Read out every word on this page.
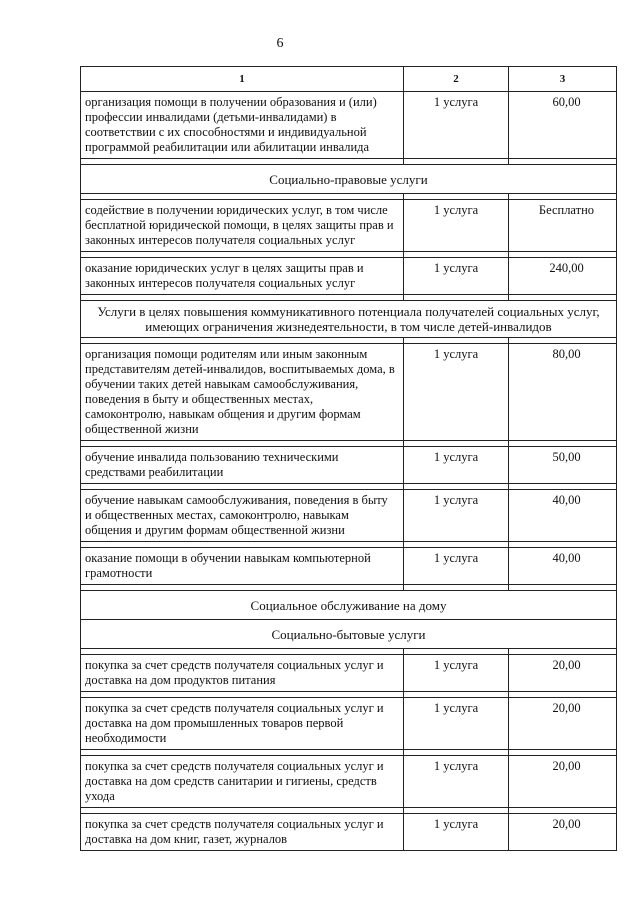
6
1	2	3

организация помощи в получении образования и (или) профессии инвалидами (детьми-инвалидами) в соответствии с их способностями и индивидуальной программой реабилитации или абилитации инвалида	1 услуга	60,00

Социально-правовые услуги		

содействие в получении юридических услуг, в том числе бесплатной юридической помощи, в целях защиты прав и законных интересов получателя социальных услуг	1 услуга	Бесплатно

оказание юридических услуг в целях защиты прав и законных интересов получателя социальных услуг	1 услуга	240,00

Услуги в целях повышения коммуникативного потенциала получателей социальных услуг, имеющих ограничения жизнедеятельности, в том числе детей-инвалидов		

организация помощи родителям или иным законным представителям детей-инвалидов, воспитываемых дома, в обучении таких детей навыкам самообслуживания, поведения в быту и общественных местах, самоконтролю, навыкам общения и другим формам общественной жизни	1 услуга	80,00

обучение инвалида пользованию техническими средствами реабилитации	1 услуга	50,00

обучение навыкам самообслуживания, поведения в быту и общественных местах, самоконтролю, навыкам общения и другим формам общественной жизни	1 услуга	40,00

оказание помощи в обучении навыкам компьютерной грамотности	1 услуга	40,00

Социальное обслуживание на дому		
Социально-бытовые услуги		

покупка за счет средств получателя социальных услуг и доставка на дом продуктов питания	1 услуга	20,00

покупка за счет средств получателя социальных услуг и доставка на дом промышленных товаров первой необходимости	1 услуга	20,00

покупка за счет средств получателя социальных услуг и доставка на дом средств санитарии и гигиены, средств ухода	1 услуга	20,00

покупка за счет средств получателя социальных услуг и доставка на дом книг, газет, журналов	1 услуга	20,00
